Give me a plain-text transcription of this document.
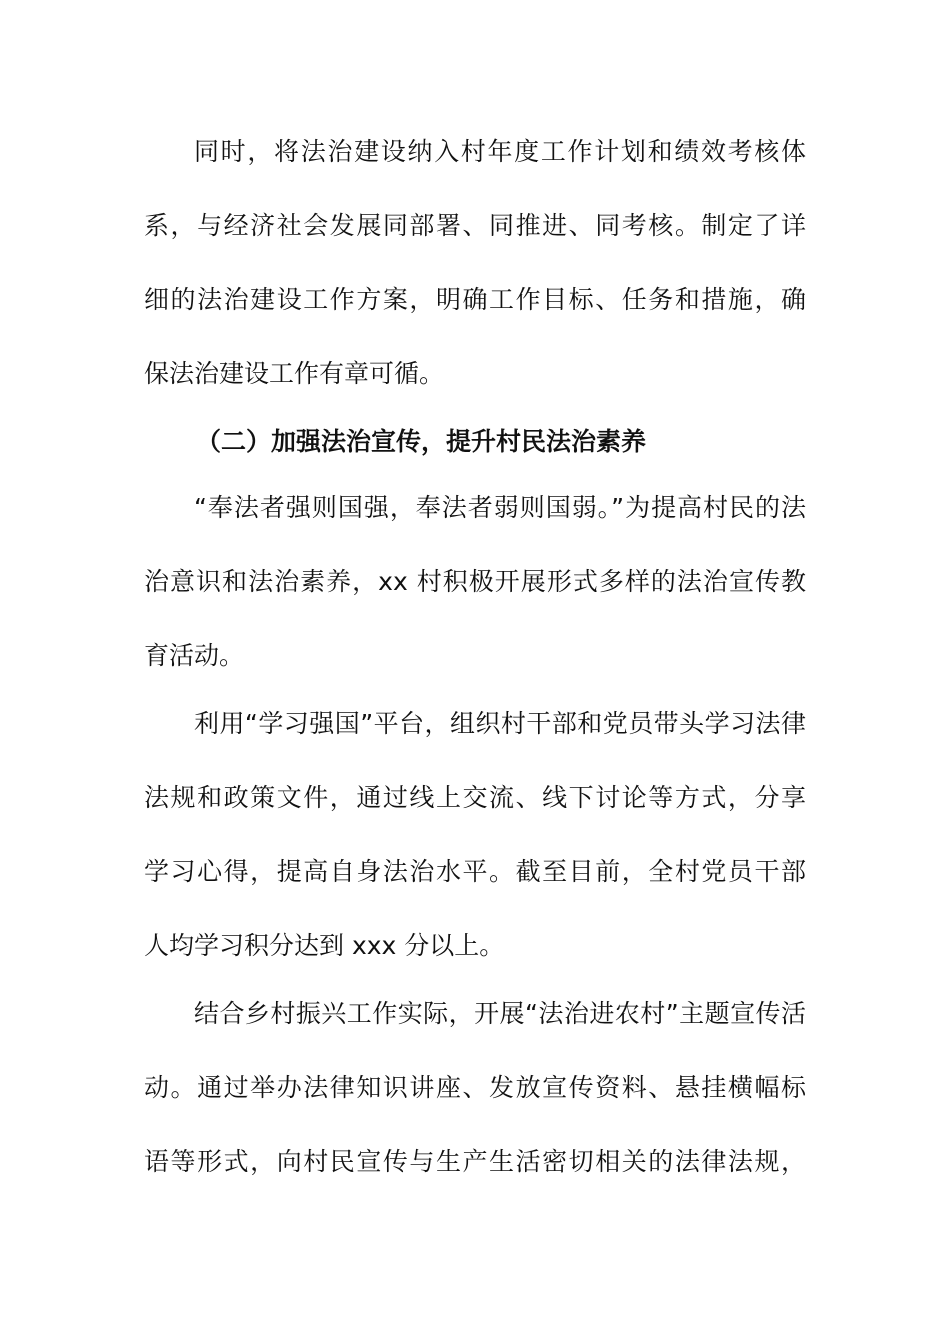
同时，将法治建设纳入村年度工作计划和绩效考核体
系，与经济社会发展同部署、同推进、同考核。制定了详
细的法治建设工作方案，明确工作目标、任务和措施，确
保法治建设工作有章可循。
（二）加强法治宣传，提升村民法治素养
“奉法者强则国强，奉法者弱则国弱。”为提高村民的法
治意识和法治素养，xx 村积极开展形式多样的法治宣传教
育活动。
利用“学习强国”平台，组织村干部和党员带头学习法律
法规和政策文件，通过线上交流、线下讨论等方式，分享
学习心得，提高自身法治水平。截至目前，全村党员干部
人均学习积分达到 xxx 分以上。
结合乡村振兴工作实际，开展“法治进农村”主题宣传活
动。通过举办法律知识讲座、发放宣传资料、悬挂横幅标
语等形式，向村民宣传与生产生活密切相关的法律法规，
